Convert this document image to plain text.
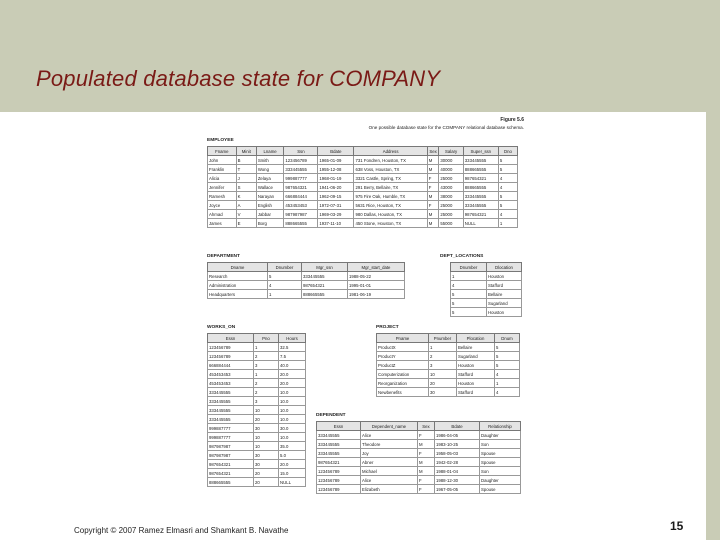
Populated database state for COMPANY
Figure 5.6
One possible database state for the COMPANY relational database schema.
EMPLOYEE
Fname	Minit	Lname	Ssn	Bdate	Address	Sex	Salary	Super_ssn	Dno
John	B	Smith	123456789	1965-01-09	731 Fondren, Houston, TX	M	30000	333445555	5
Franklin	T	Wong	333445555	1955-12-08	638 Voss, Houston, TX	M	40000	888665555	5
Alicia	J	Zelaya	999887777	1968-01-19	3321 Castle, Spring, TX	F	25000	987654321	4
Jennifer	S	Wallace	987654321	1941-06-20	291 Berry, Bellaire, TX	F	43000	888665555	4
Ramesh	K	Narayan	666884444	1962-09-15	975 Fire Oak, Humble, TX	M	38000	333445555	5
Joyce	A	English	453453453	1972-07-31	5631 Rice, Houston, TX	F	25000	333445555	5
Ahmad	V	Jabbar	987987987	1969-03-29	980 Dallas, Houston, TX	M	25000	987654321	4
James	E	Borg	888665555	1937-11-10	450 Stone, Houston, TX	M	55000	NULL	1
DEPARTMENT
Dname	Dnumber	Mgr_ssn	Mgr_start_date
Research	5	333445555	1988-05-22
Administration	4	987654321	1995-01-01
Headquarters	1	888665555	1981-06-19
DEPT_LOCATIONS
Dnumber	Dlocation
1	Houston
4	Stafford
5	Bellaire
5	Sugarland
5	Houston
WORKS_ON
Essn	Pno	Hours
123456789	1	32.5
123456789	2	7.5
666884444	3	40.0
453453453	1	20.0
453453453	2	20.0
333445555	2	10.0
333445555	3	10.0
333445555	10	10.0
333445555	20	10.0
999887777	30	30.0
999887777	10	10.0
987987987	10	35.0
987987987	30	5.0
987654321	30	20.0
987654321	20	15.0
888665555	20	NULL
PROJECT
Pname	Pnumber	Plocation	Dnum
ProductX	1	Bellaire	5
ProductY	2	Sugarland	5
ProductZ	3	Houston	5
Computerization	10	Stafford	4
Reorganization	20	Houston	1
Newbenefits	30	Stafford	4
DEPENDENT
Essn	Dependent_name	Sex	Bdate	Relationship
333445555	Alice	F	1986-04-05	Daughter
333445555	Theodore	M	1983-10-25	Son
333445555	Joy	F	1958-05-03	Spouse
987654321	Abner	M	1942-02-28	Spouse
123456789	Michael	M	1988-01-04	Son
123456789	Alice	F	1988-12-30	Daughter
123456789	Elizabeth	F	1967-05-05	Spouse
Copyright © 2007 Ramez Elmasri and Shamkant B. Navathe	15
